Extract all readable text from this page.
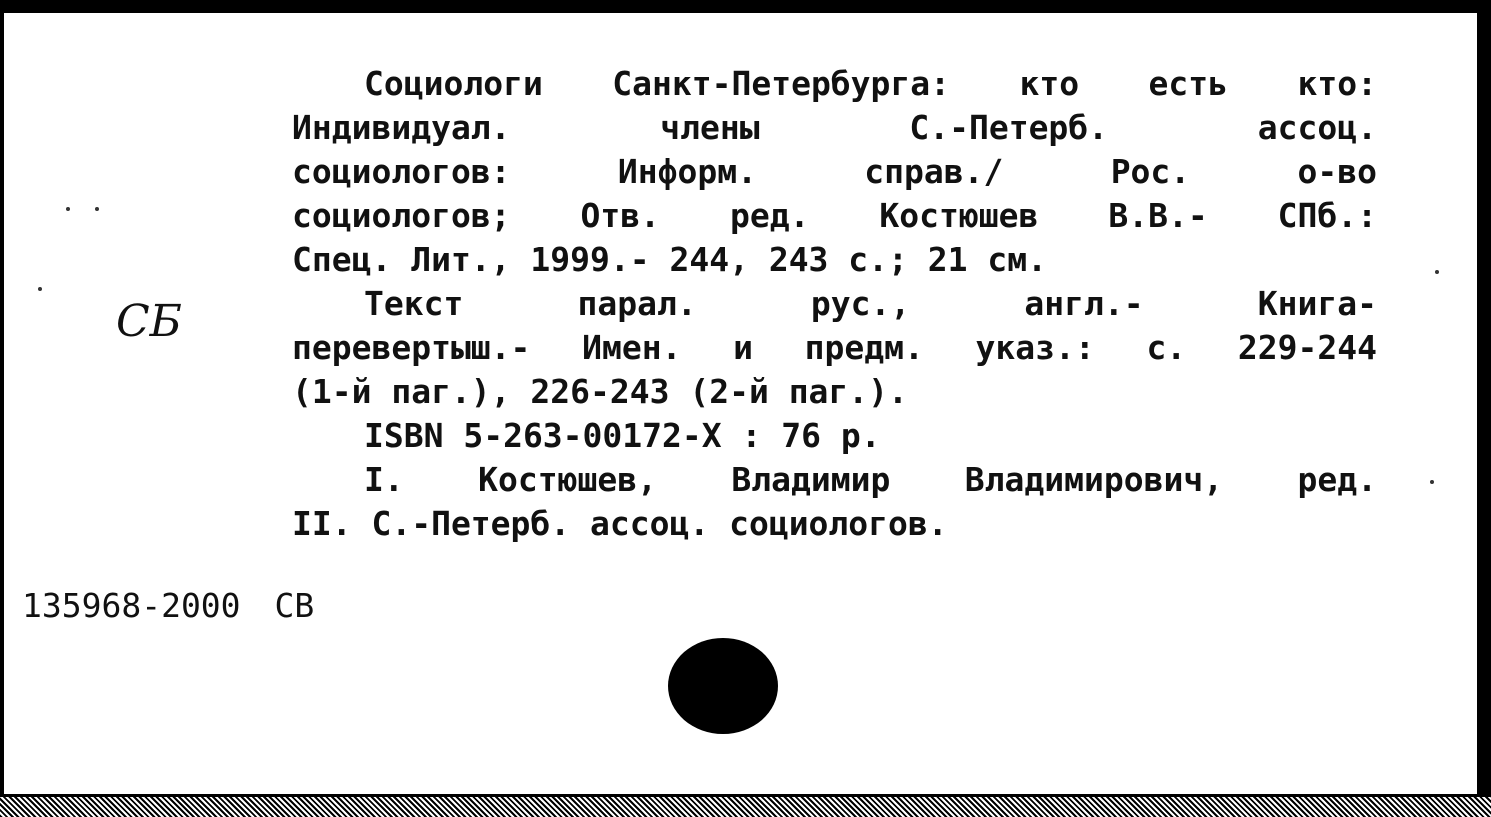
СБ
Социологи Санкт-Петербурга: кто есть кто:
Индивидуал.	члены	С.-Петерб.	ассоц.
социологов:	Информ.	справ./	Рос.	о-во
социологов; Отв. ред. Костюшев В.В.- СПб.:
Спец. Лит., 1999.- 244, 243 с.; 21 см.
Текст	парал.	рус.,	англ.-	Книга-
перевертыш.- Имен. и предм. указ.: с. 229-244
(1-й паг.), 226-243 (2-й паг.).
ISBN 5-263-00172-X : 76 р.
I. Костюшев, Владимир Владимирович, ред.
II. С.-Петерб. ассоц. социологов.
135968-2000 СВ
